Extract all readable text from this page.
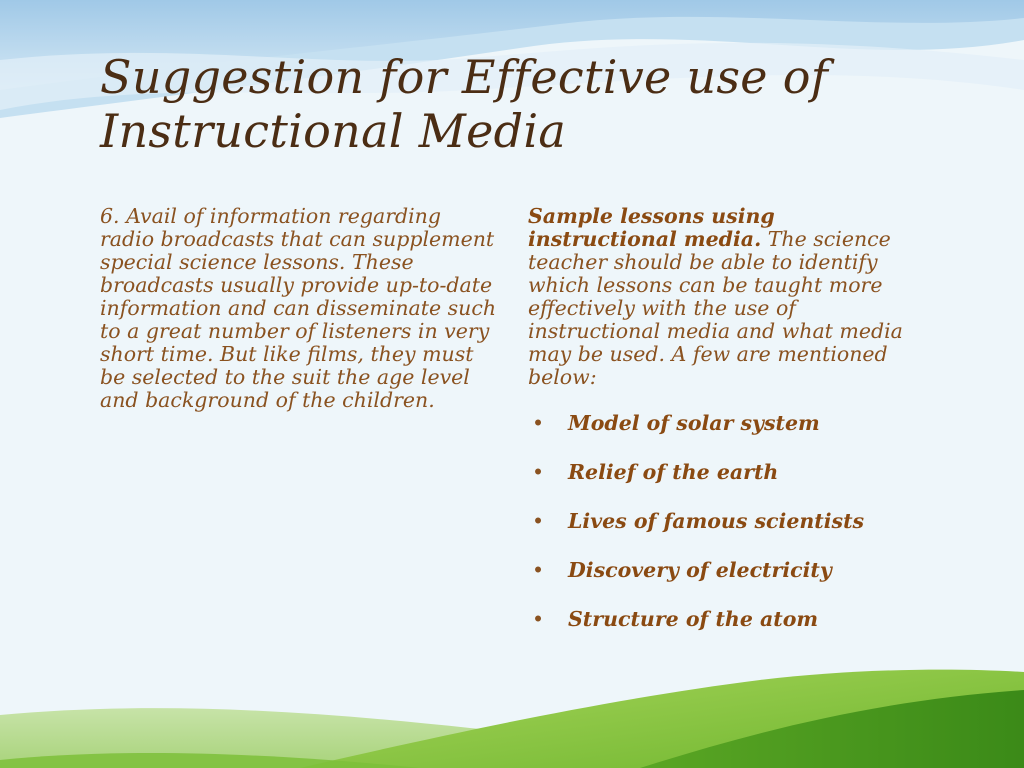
Suggestion for Effective use of Instructional Media

6. Avail of information regarding radio broadcasts that can supplement special science lessons. These broadcasts usually provide up-to-date information and can disseminate such to a great number of listeners in very short time. But like films, they must be selected to the suit the age level and background of the children.

Sample lessons using instructional media. The science teacher should be able to identify which lessons can be taught more effectively with the use of instructional media and what media may be used. A few are mentioned below:

• Model of solar system
• Relief of the earth
• Lives of famous scientists
• Discovery of electricity
• Structure of the atom
